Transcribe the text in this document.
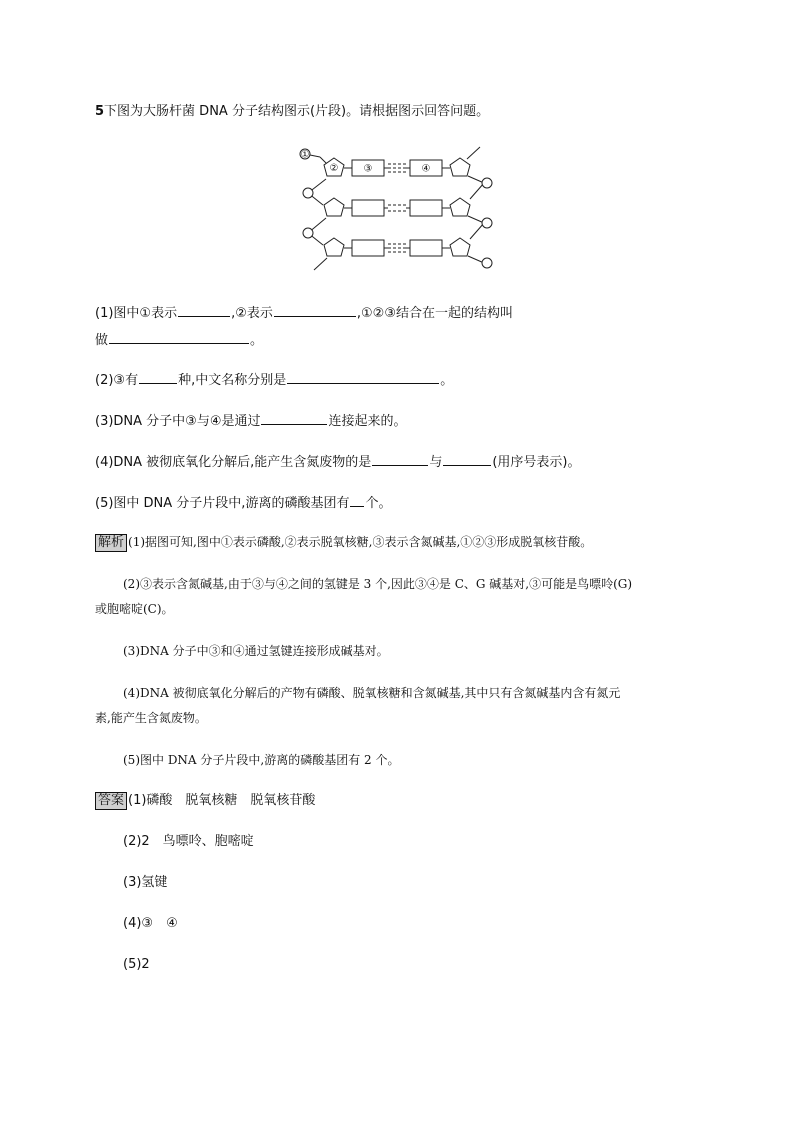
5下图为大肠杆菌 DNA 分子结构图示(片段)。请根据图示回答问题。
①
②	③	④
(1)图中①表示	,②表示	,①②③结合在一起的结构叫
做	。
(2)③有	种,中文名称分别是	。
(3)DNA 分子中③与④是通过	连接起来的。
(4)DNA 被彻底氧化分解后,能产生含氮废物的是	与	(用序号表示)。
(5)图中 DNA 分子片段中,游离的磷酸基团有 个。
解析 (1)据图可知,图中①表示磷酸,②表示脱氧核糖,③表示含氮碱基,①②③形成脱氧核苷酸。
(2)③表示含氮碱基,由于③与④之间的氢键是 3 个,因此③④是 C、G 碱基对,③可能是鸟嘌呤(G)
或胞嘧啶(C)。
(3)DNA 分子中③和④通过氢键连接形成碱基对。
(4)DNA 被彻底氧化分解后的产物有磷酸、脱氧核糖和含氮碱基,其中只有含氮碱基内含有氮元
素,能产生含氮废物。
(5)图中 DNA 分子片段中,游离的磷酸基团有 2 个。
答案 (1)磷酸　脱氧核糖　脱氧核苷酸
(2)2　鸟嘌呤、胞嘧啶
(3)氢键
(4)③　④
(5)2
